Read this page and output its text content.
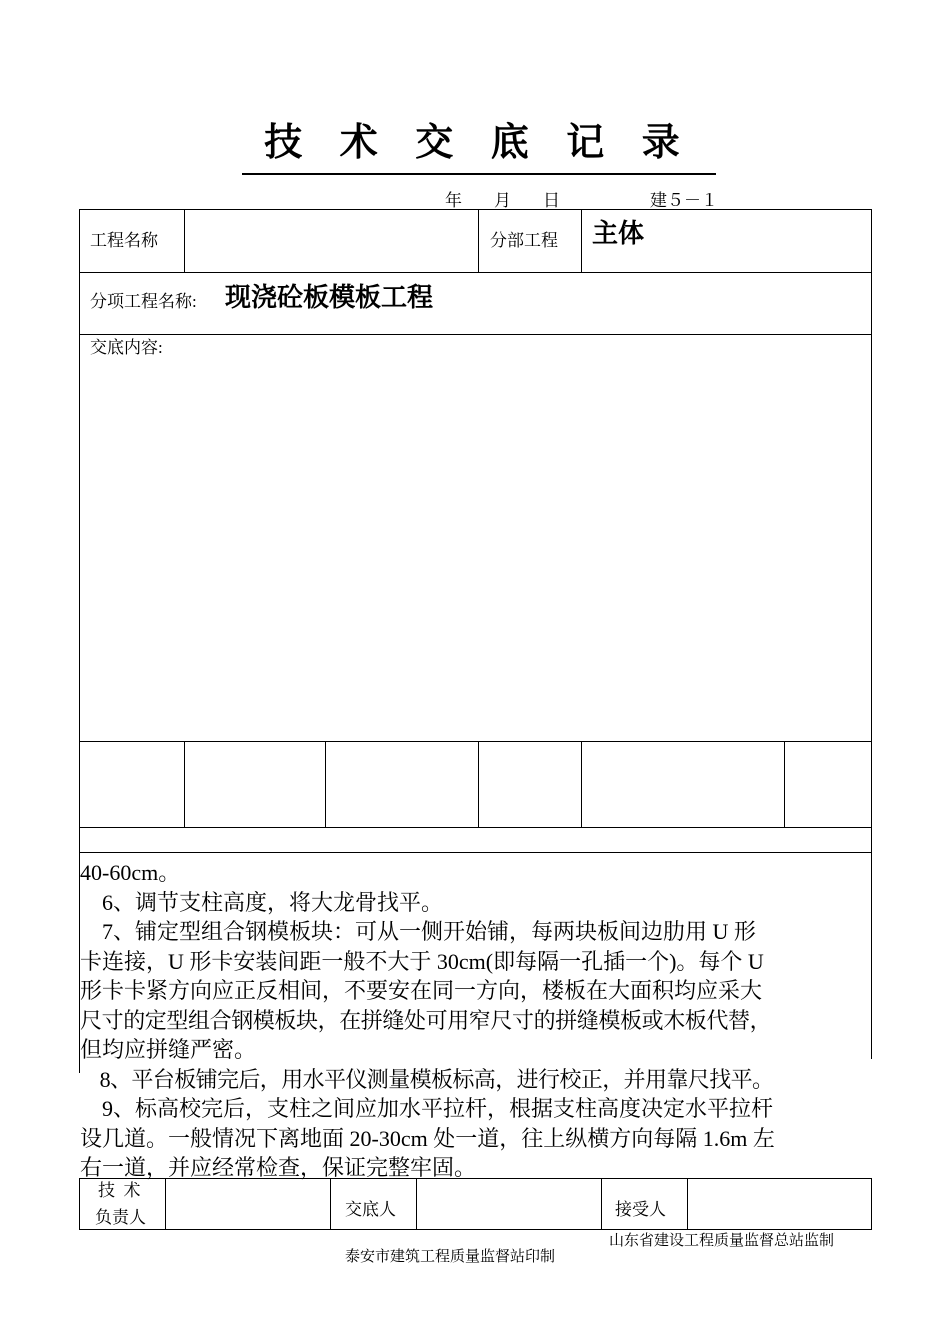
技 术 交 底 记 录
年 月 日	建５－１
工程名称	分部工程 主体
分项工程名称: 现浇砼板模板工程
交底内容:

40-60cm。

6、调节支柱高度，将大龙骨找平。

7、铺定型组合钢模板块：可从一侧开始铺，每两块板间边肋用 U 形

卡连接，U 形卡安装间距一般不大于 30cm(即每隔一孔插一个)。每个 U

形卡卡紧方向应正反相间，不要安在同一方向，楼板在大面积均应采大

尺寸的定型组合钢模板块，在拼缝处可用窄尺寸的拼缝模板或木板代替，

但均应拼缝严密。

8、平台板铺完后，用水平仪测量模板标高，进行校正，并用靠尺找平。

9、标高校完后，支柱之间应加水平拉杆，根据支柱高度决定水平拉杆

设几道。一般情况下离地面 20-30cm 处一道，往上纵横方向每隔 1.6m 左

右一道，并应经常检查，保证完整牢固。

技  术
负责人	交底人	接受人
山东省建设工程质量监督总站监制
泰安市建筑工程质量监督站印制
